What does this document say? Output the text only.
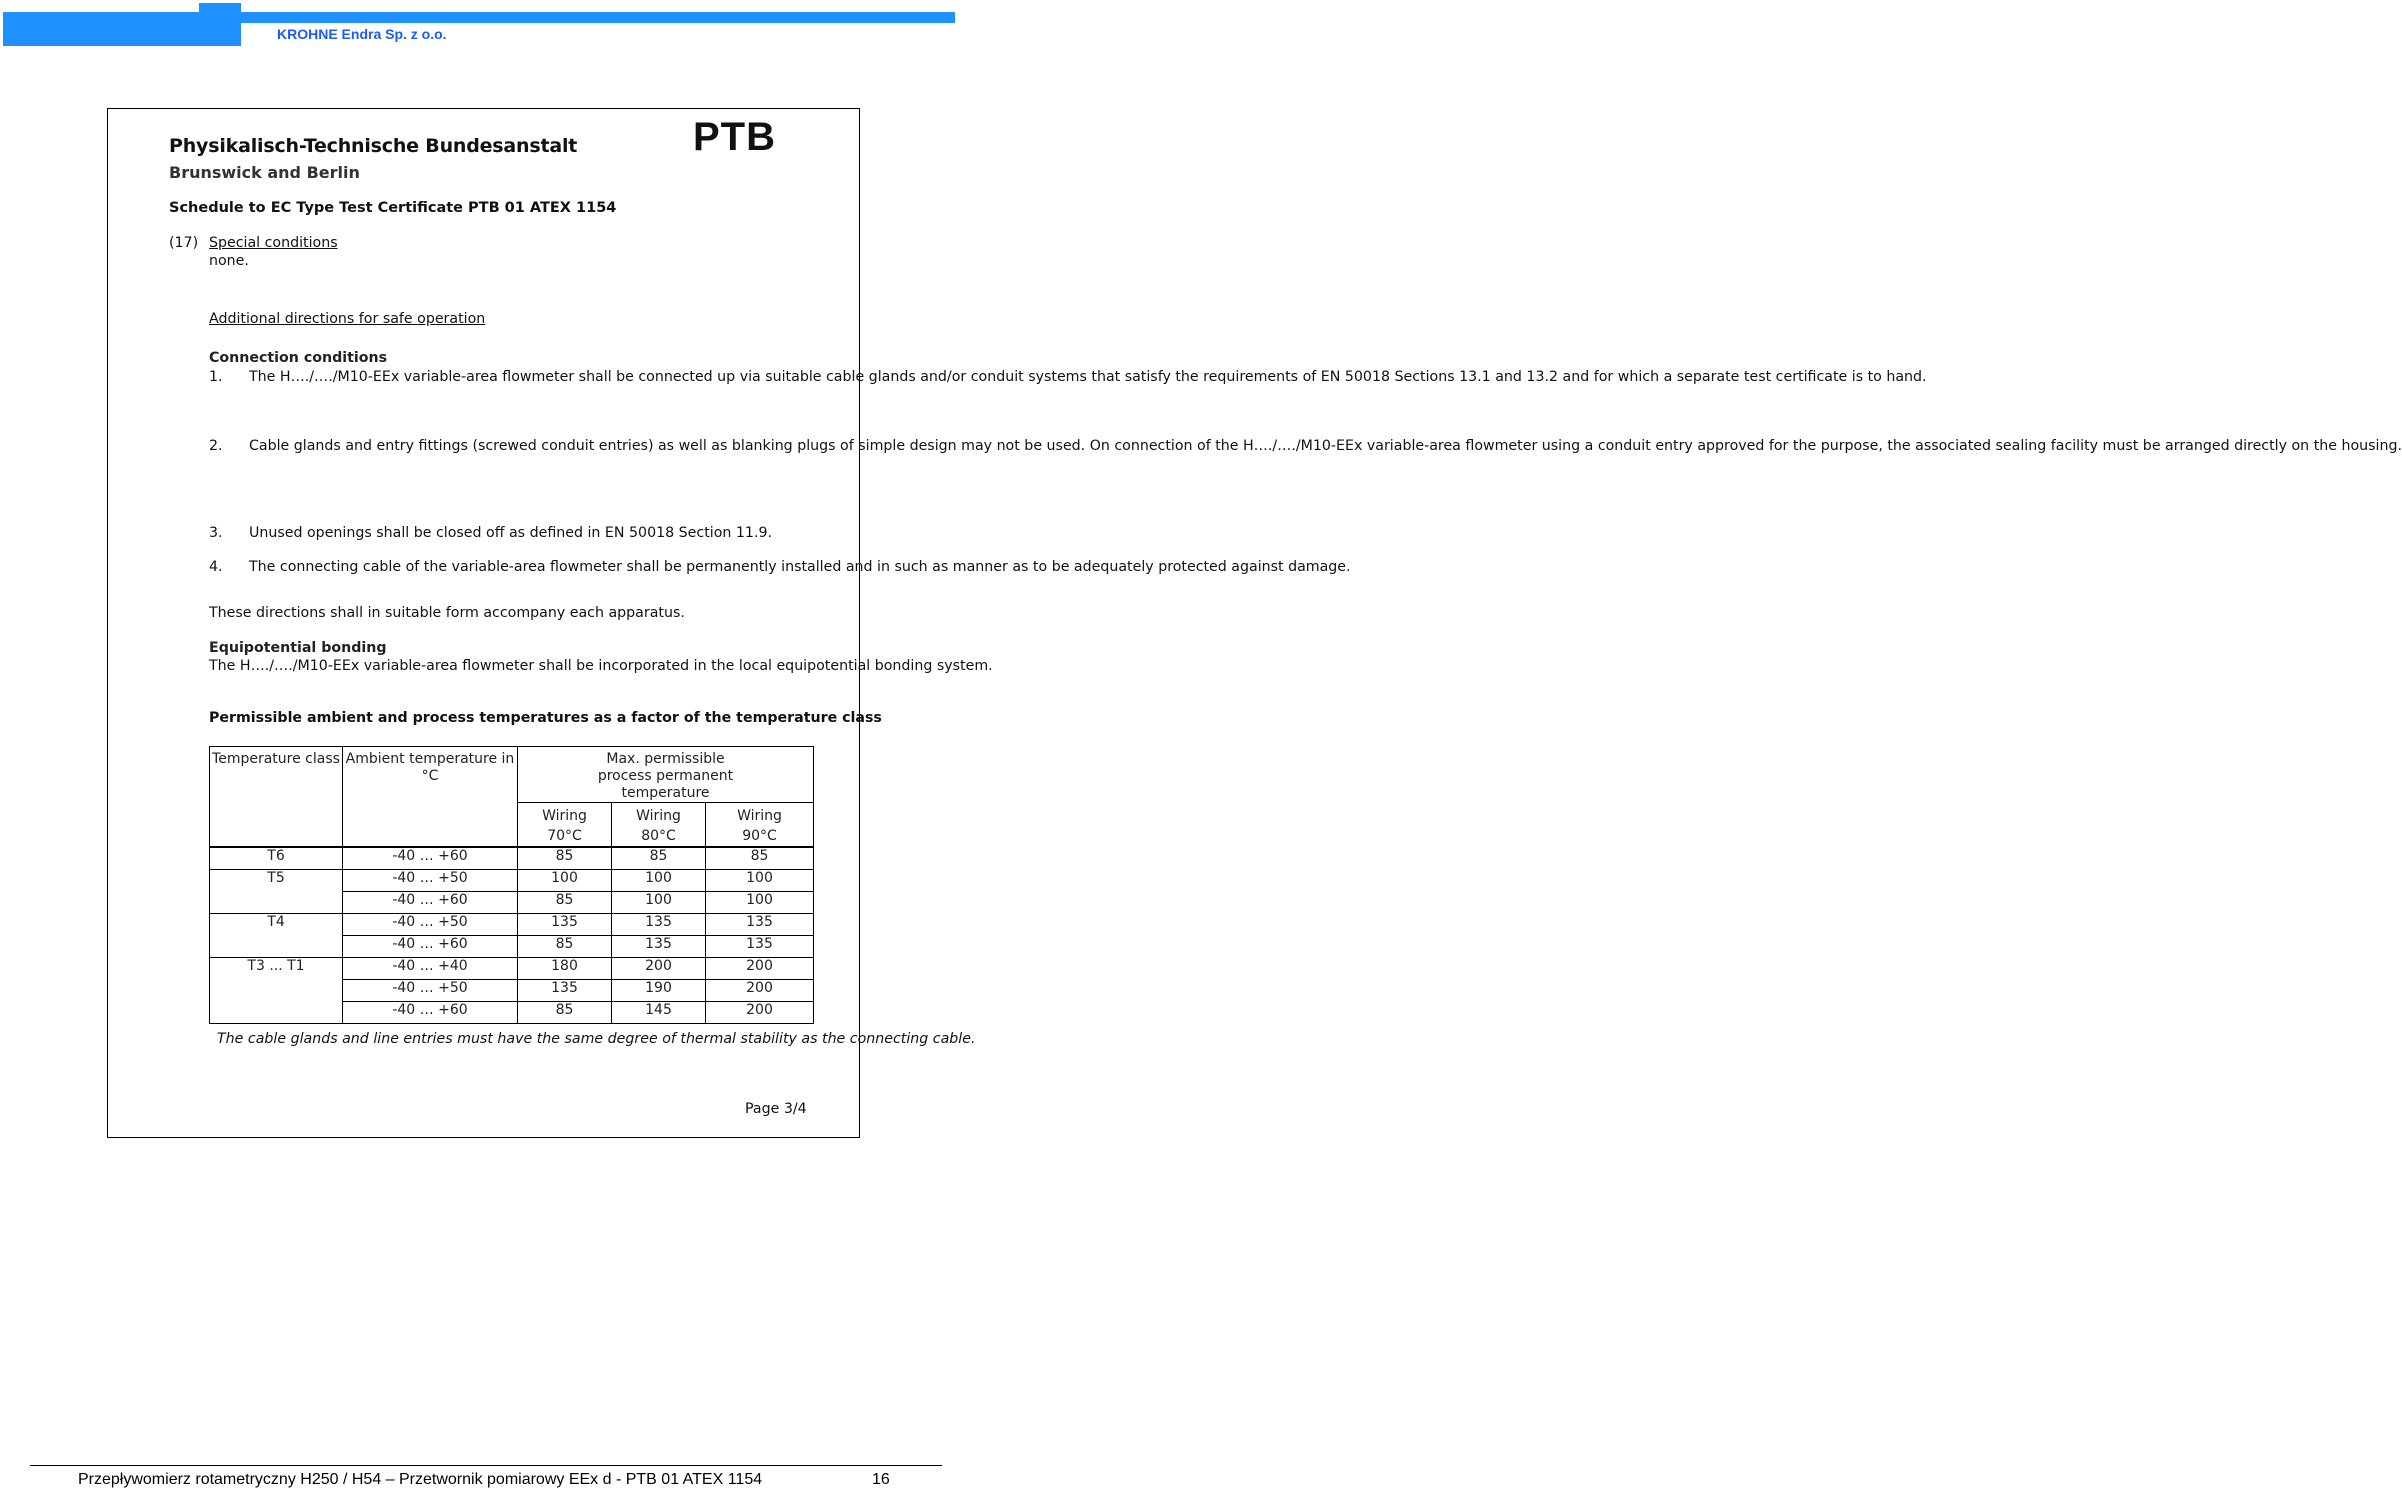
KROHNE Endra Sp. z o.o.
Physikalisch-Technische Bundesanstalt
Brunswick and Berlin
PTB
Schedule to EC Type Test Certificate PTB 01 ATEX 1154
(17) Special conditions
none.
Additional directions for safe operation
Connection conditions
1. The H…./…./M10-EEx variable-area flowmeter shall be connected up via suitable cable glands and/or conduit systems that satisfy the requirements of EN 50018 Sections 13.1 and 13.2 and for which a separate test certificate is to hand.
2. Cable glands and entry fittings (screwed conduit entries) as well as blanking plugs of simple design may not be used. On connection of the H…./…./M10-EEx variable-area flowmeter using a conduit entry approved for the purpose, the associated sealing facility must be arranged directly on the housing.
3. Unused openings shall be closed off as defined in EN 50018 Section 11.9.
4. The connecting cable of the variable-area flowmeter shall be permanently installed and in such as manner as to be adequately protected against damage.
These directions shall in suitable form accompany each apparatus.
Equipotential bonding
The H…./…./M10-EEx variable-area flowmeter shall be incorporated in the local equipotential bonding system.
Permissible ambient and process temperatures as a factor of the temperature class
Temperature class	Ambient temperature in °C	Max. permissible process permanent temperature		
		Wiring 70°C	Wiring 80°C	Wiring 90°C
T6	-40 … +60	85	85	85
T5	-40 … +50	100	100	100
	-40 … +60	85	100	100
T4	-40 … +50	135	135	135
	-40 … +60	85	135	135
T3 ... T1	-40 … +40	180	200	200
	-40 … +50	135	190	200
	-40 … +60	85	145	200
The cable glands and line entries must have the same degree of thermal stability as the connecting cable.
Page 3/4
Przepływomierz rotametryczny H250 / H54 – Przetwornik pomiarowy EEx d - PTB 01 ATEX 1154	16
